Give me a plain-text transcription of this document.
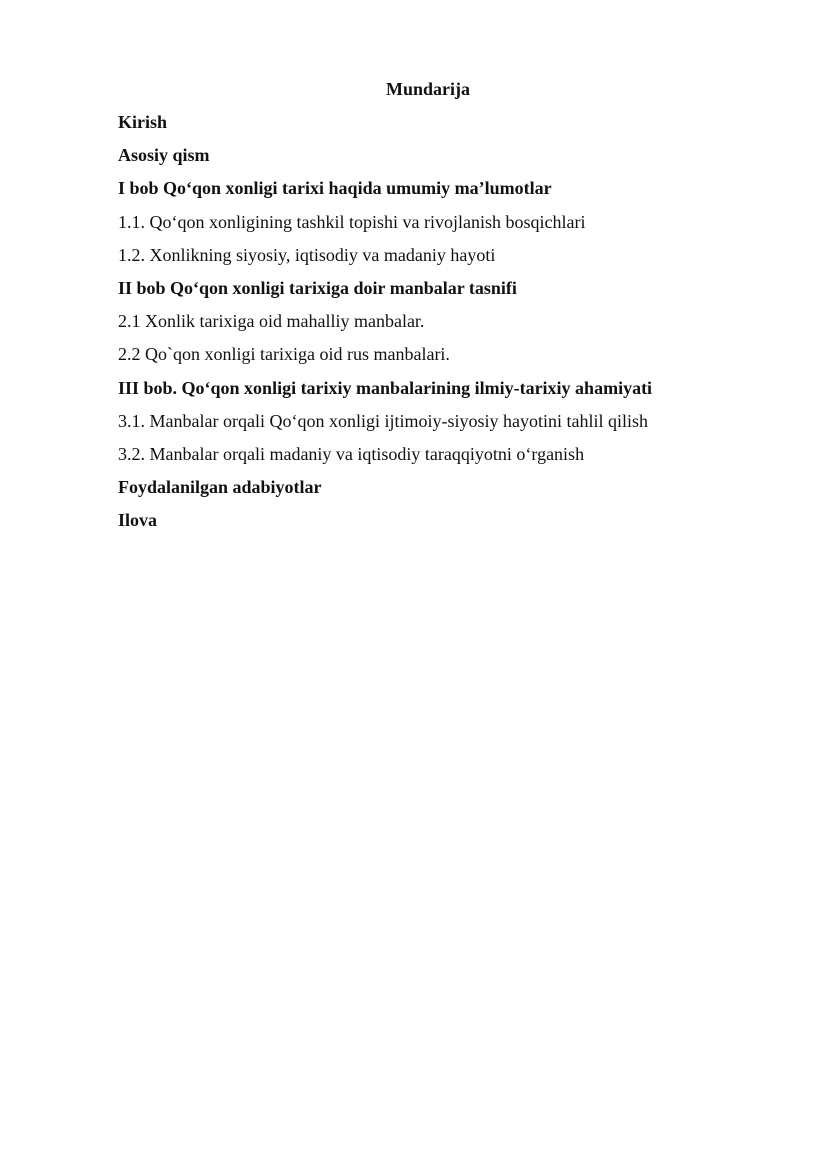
Mundarija
Kirish
Asosiy qism
I bob Qo‘qon xonligi tarixi haqida umumiy ma’lumotlar
1.1. Qo‘qon xonligining tashkil topishi va rivojlanish bosqichlari
1.2. Xonlikning siyosiy, iqtisodiy va madaniy hayoti
II bob Qo‘qon xonligi tarixiga doir manbalar tasnifi
2.1 Xonlik tarixiga oid mahalliy manbalar.
2.2 Qo`qon xonligi tarixiga oid rus manbalari.
III bob. Qo‘qon xonligi tarixiy manbalarining ilmiy-tarixiy ahamiyati
3.1. Manbalar orqali Qo‘qon xonligi ijtimoiy-siyosiy hayotini tahlil qilish
3.2. Manbalar orqali madaniy va iqtisodiy taraqqiyotni o‘rganish
Foydalanilgan adabiyotlar
Ilova
